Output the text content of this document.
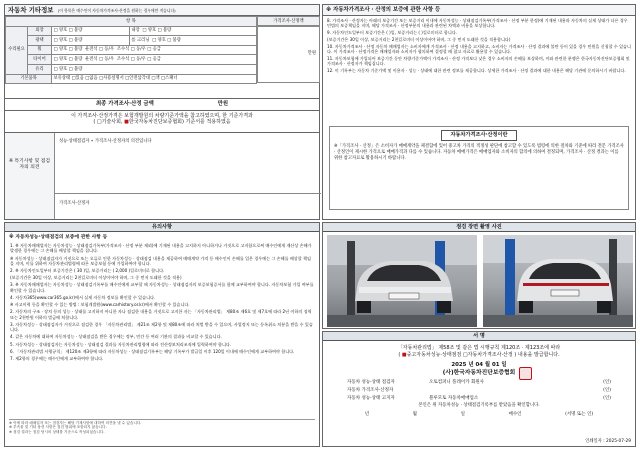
자동차 기타정보 (이 항목은 매수인이 자동차가격조사·산정을 원하는 경우에만 적습니다)
항 목			
수리필요	외장	□ 양호 □ 불량	내장  □ 양호 □ 불량
	광택	□ 양호 □ 불량	룸 크리닝  □ 양호 □ 불량
	휠	□ 양호 □ 불량 운전석 □ 동/우 조수석 □ 동/우 □ 응급	
	타이어	□ 양호 □ 불량 운전석 □ 동/우 조수석 □ 동/우 □ 응급	
	유리	□ 양호 □ 불량	
기본품목		보유상태 □있음 □없음 □사용설명서 □안전삼각대 □잭 □스패너	
가격조사·산정액
만원
최종 가격조사·산정 금액	만원
이 가격조사·산정가격은 보험개발원의 차량기준가액을 참고하였으며, 한 기준가격과
( □기술사회, ■한국자동차진단보증협회) 기준서를 적용하였음
※ 특기사항 및 점검자의 의견
성능·상태점검자 ∙ 가격조사·산정자의 의견입니다
가격조사·산정자
※ 자동차가격조사 · 산정의 보증에 관한 사항 등

8. 가격조사 · 산정자는 아래의 보증기간 또는 보증거리 이내에 자동차성능 · 상태점검기록부(가격조사 · 산정 부분 한정)에 기재된 내용과 자동차의 실제 상태가 다른 경우 민법의 보증책임을 지며, 해당 가격조사 · 산정부분의 내용과 관련된 차액과 비용을 보상합니다.

9. 자동차인도일부터 보증기간은 ( )일, 보증거리는 ( )킬로미터로 합니다.

(보증기간은 30일 이상, 보증거리는 2천킬로미터 이상이어야 하며, 그 중 먼저 도래한 것을 적용합니다)

10. 자동차가격조사 · 산정 자동차 매매업자는 소비자에게 가격조사 · 산정 내용을 고지하고, 소비자는 가격조사 · 산정 결과에 불만 등이 있을 경우 민원을 신청할 수 있습니다. 이 가격조사 · 산정가격은 매매업자와 소비자가 협의하여 결정할 때 참고 자료로 활용할 수 있습니다.

11. 자동차보험에 가입되어 보증기간 동안 차량기준가액이 가격조사 · 산정 가격보다 낮은 경우 소비자의 손해를 보상하며, 이와 관련한 분쟁은 한국자동차진단보증협회 및 가격조사 · 산정자가 책임집니다.

12. 이 기록부는 자동차 기준가액 및 이용자 · 성능 · 상태에 대한 관련 정보를 제공합니다. 상세한 가격조사 · 산정 결과에 대한 내용은 해당 기관에 문의하시기 바랍니다.

자동차가격조사·산정이란

※「가격조사 · 산정」은 소비자가 매매계약을 체결함에 있어 중고차 가격의 적정성 판단에 참고할 수 있도록 법령에 의한 절차와 기준에 따라 전문 가격조사 · 산정인이 제시한 가격으로 매매가격과 다를 수 있습니다. 자동차 매매가격은 매매업자와 소비자의 합의에 의하여 결정되며, 가격조사 · 산정 결과는 이를 위한 참고자료로 활용하시기 바랍니다.

유의사항
※ 자동차성능·상태점검의 보증에 관한 사항 등

1. ※ 자동차매매업자는 자동차성능 · 상태점검기록부(가격조사 · 산정 부분 제외)에 기재된 내용을 고지하지 아니하거나 거짓으로 고지함으로써 매수인에게 재산상 손해가 발생한 경우에는 그 손해를 배상할 책임을 집니다.

※ 자동차성능 · 상태점검자가 거짓으로 또는 오류로 인한 자동차성능 · 상태점검 내용을 제공하여 매매계약 가격 등 매수인이 손해를 입은 경우에는 그 손해를 배상할 책임을 지며, 이를 위하여 자동차관리법령에 따른 보증보험 등에 가입하여야 합니다.

2. ※ 자동차인도일부터 보증기간은 ( 30 )일, 보증거리는 ( 2,000 )킬로미터로 합니다.

(보증기간은 30일 이상, 보증거리는 2천킬로미터 이상이어야 하며, 그 중 먼저 도래한 것을 적용)

3. ※ 자동차매매업자는 자동차성능 · 상태점검기록부를 매수인에게 교부할 때 자동차성능 · 상태점검자의 보증보험증서를 함께 교부하여야 합니다. 자동차보험 가입 여부를 확인할 수 있습니다.

4. 자동차365(www.car365.go.kr)에서 실제 자동차 정보를 확인할 수 있습니다.

※ 사고이력 등을 확인할 수 있는 방법 : 보험개발원(www.carhistory.or.kr)에서 확인할 수 있습니다.

2. 자동차의 구조 · 장치 등의 성능 · 상태를 고지하지 아니한 자나 점검한 내용을 거짓으로 고지한 자는 「자동차관리법」 제80조 제6호 및 제7호에 따라 2년 이하의 징역 또는 2천만원 이하의 벌금에 처합니다.

3. 자동차성능 · 상태점검자가 거짓으로 점검한 경우 「자동차관리법」 제21조 제2항 및 제80조에 따라 처벌 받을 수 있으며, 사업정지 또는 등록취소 처분을 받을 수 있습니다.

4. 같은 자동차에 대하여 자동차성능 · 상태점검을 받은 경우에는 정부, 민간 등 여러 기관의 결과를 비교할 수 있습니다.

5. 자동차성능 · 상태점검자는 자동차성능 · 상태점검 결과를 자동차관리법령에 따라 전산정보처리조직에 입력하여야 합니다.

6. 「자동차관리법 시행규칙」 제120조 제3항에 따라 자동차성능 · 상태점검기록부는 해당 기록부가 발급일 이후 120일 이내에 매수인에게 교부하여야 합니다.

7. 제2항의 경우에는 매수인에게 교부하여야 합니다.

※ 이에 따라 매매업자 또는 점검자는 해당 기재사항에 대하여 의견을 낼 수 있습니다.
※ 부속물 및 기타 옵션 사항은 점검 범위에 포함되지 않습니다.
※ 점검 결과는 점검 당시의 상태를 기준으로 작성되었습니다.
점검 장면 촬영 사진
서 명
「자동차관리법」 제58조 및 같은 법 시행규칙 제120조 · 제123조에 따라
( ■중고자동차성능·상태점검 □자동차가격조사·산정 ) 내용을 발급합니다.
2025 년 04 월 01 일
(사)한국자동차진단보증협회
자동차 성능·상태 점검자	오토컴퍼니 플레이카 회원사	(인)
자동차 가격조사·산정자	(인)
자동차 성능·상태 고지자	블루모토 자동차매매업소	(인)
본인은 위 자동차성능 · 상태점검기록부를 받았음을 확인합니다.
년	월	일	매수인	(서명 또는 인)
인쇄일자 : 2025-07-29
